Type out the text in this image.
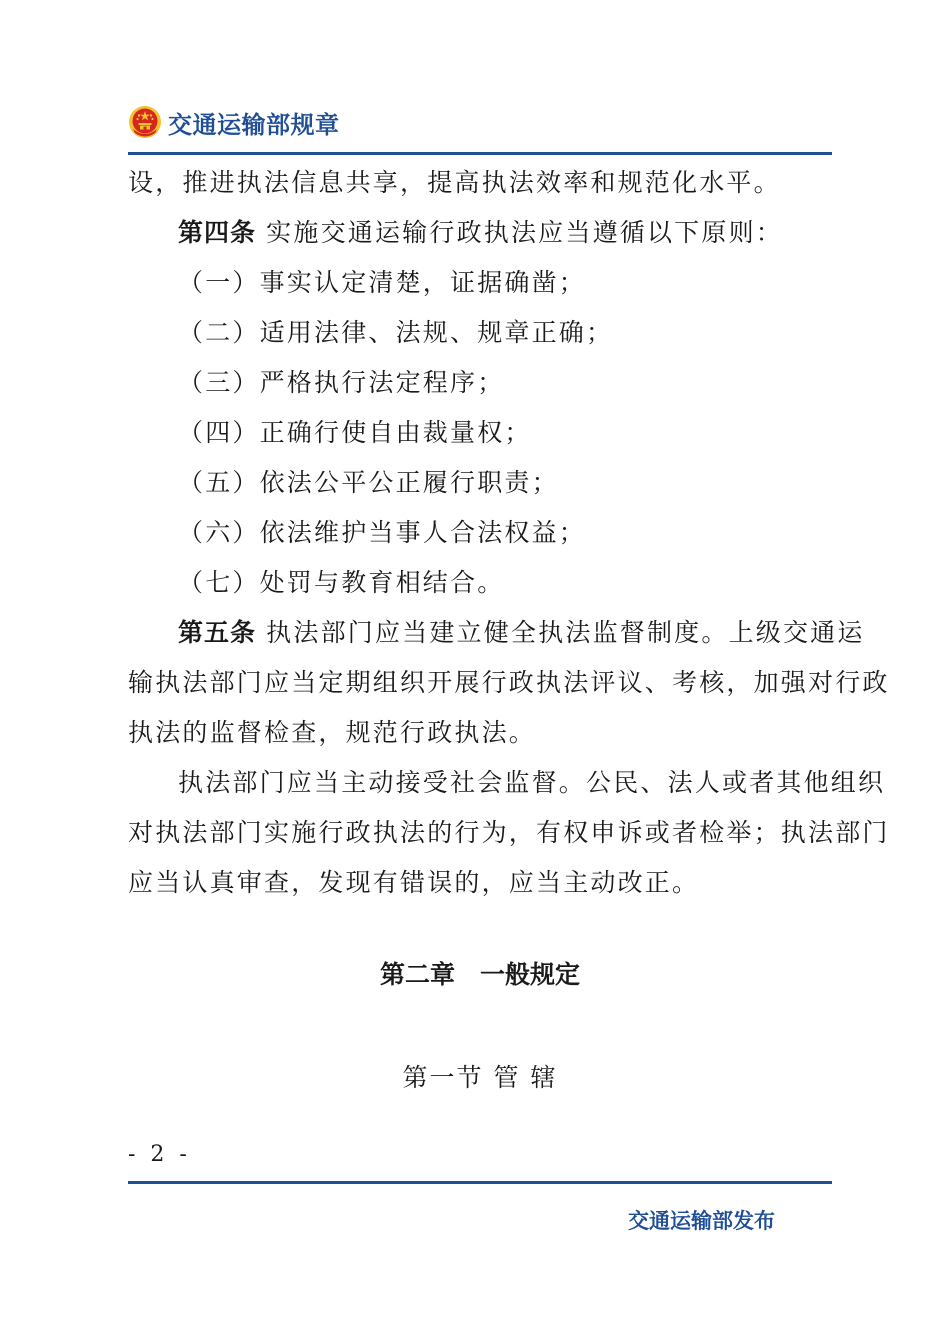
交通运输部规章
设，推进执法信息共享，提高执法效率和规范化水平。
第四条 实施交通运输行政执法应当遵循以下原则：
（一）事实认定清楚，证据确凿；
（二）适用法律、法规、规章正确；
（三）严格执行法定程序；
（四）正确行使自由裁量权；
（五）依法公平公正履行职责；
（六）依法维护当事人合法权益；
（七）处罚与教育相结合。
第五条 执法部门应当建立健全执法监督制度。上级交通运
输执法部门应当定期组织开展行政执法评议、考核，加强对行政
执法的监督检查，规范行政执法。
执法部门应当主动接受社会监督。公民、法人或者其他组织
对执法部门实施行政执法的行为，有权申诉或者检举；执法部门
应当认真审查，发现有错误的，应当主动改正。
第二章　一般规定
第一节 管 辖
- 2 -
交通运输部发布
